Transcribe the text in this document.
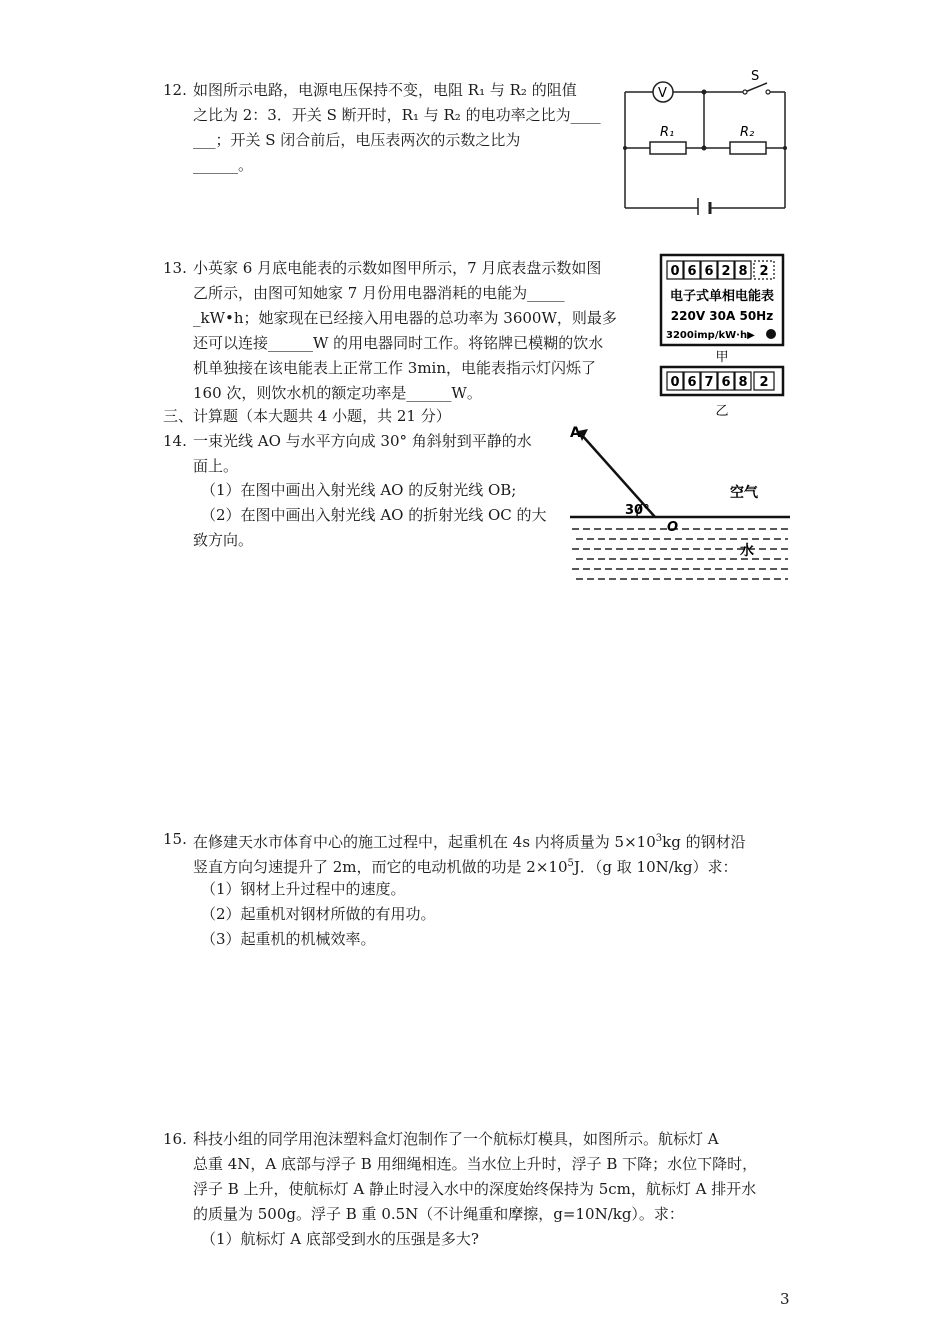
12. 如图所示电路，电源电压保持不变，电阻 R₁ 与 R₂ 的阻值
之比为 2：3．开关 S 断开时，R₁ 与 R₂ 的电功率之比为____
___；开关 S 闭合前后，电压表两次的示数之比为
______。
V
S
R₁	R₂
13. 小英家 6 月底电能表的示数如图甲所示，7 月底表盘示数如图
乙所示，由图可知她家 7 月份用电器消耗的电能为_____
_kW•h；她家现在已经接入用电器的总功率为 3600W，则最多
还可以连接______W 的用电器同时工作。将铭牌已模糊的饮水
机单独接在该电能表上正常工作 3min，电能表指示灯闪烁了
160 次，则饮水机的额定功率是______W。
0 6 6 2 8 2
电子式单相电能表
220V 30A 50Hz
3200imp/kW·h▶
甲
0 6 7 6 8 2
乙
三、计算题（本大题共 4 小题，共 21 分）
14. 一束光线 AO 与水平方向成 30° 角斜射到平静的水
面上。
（1）在图中画出入射光线 AO 的反射光线 OB;
（2）在图中画出入射光线 AO 的折射光线 OC 的大
致方向。
A
30°
O
空气
水
15. 在修建天水市体育中心的施工过程中，起重机在 4s 内将质量为 $5\times 10^3kg$ 的钢材沿
竖直方向匀速提升了 2m，而它的电动机做的功是 $2\times 10^5J$．（g 取 10N/kg）求：
（1）钢材上升过程中的速度。
（2）起重机对钢材所做的有用功。
（3）起重机的机械效率。
16. 科技小组的同学用泡沫塑料盒灯泡制作了一个航标灯模具，如图所示。航标灯 A
总重 4N，A 底部与浮子 B 用细绳相连。当水位上升时，浮子 B 下降；水位下降时，
浮子 B 上升，使航标灯 A 静止时浸入水中的深度始终保持为 5cm，航标灯 A 排开水
的质量为 500g。浮子 B 重 0.5N（不计绳重和摩擦，g=10N/kg）。求：
（1）航标灯 A 底部受到水的压强是多大?
3
